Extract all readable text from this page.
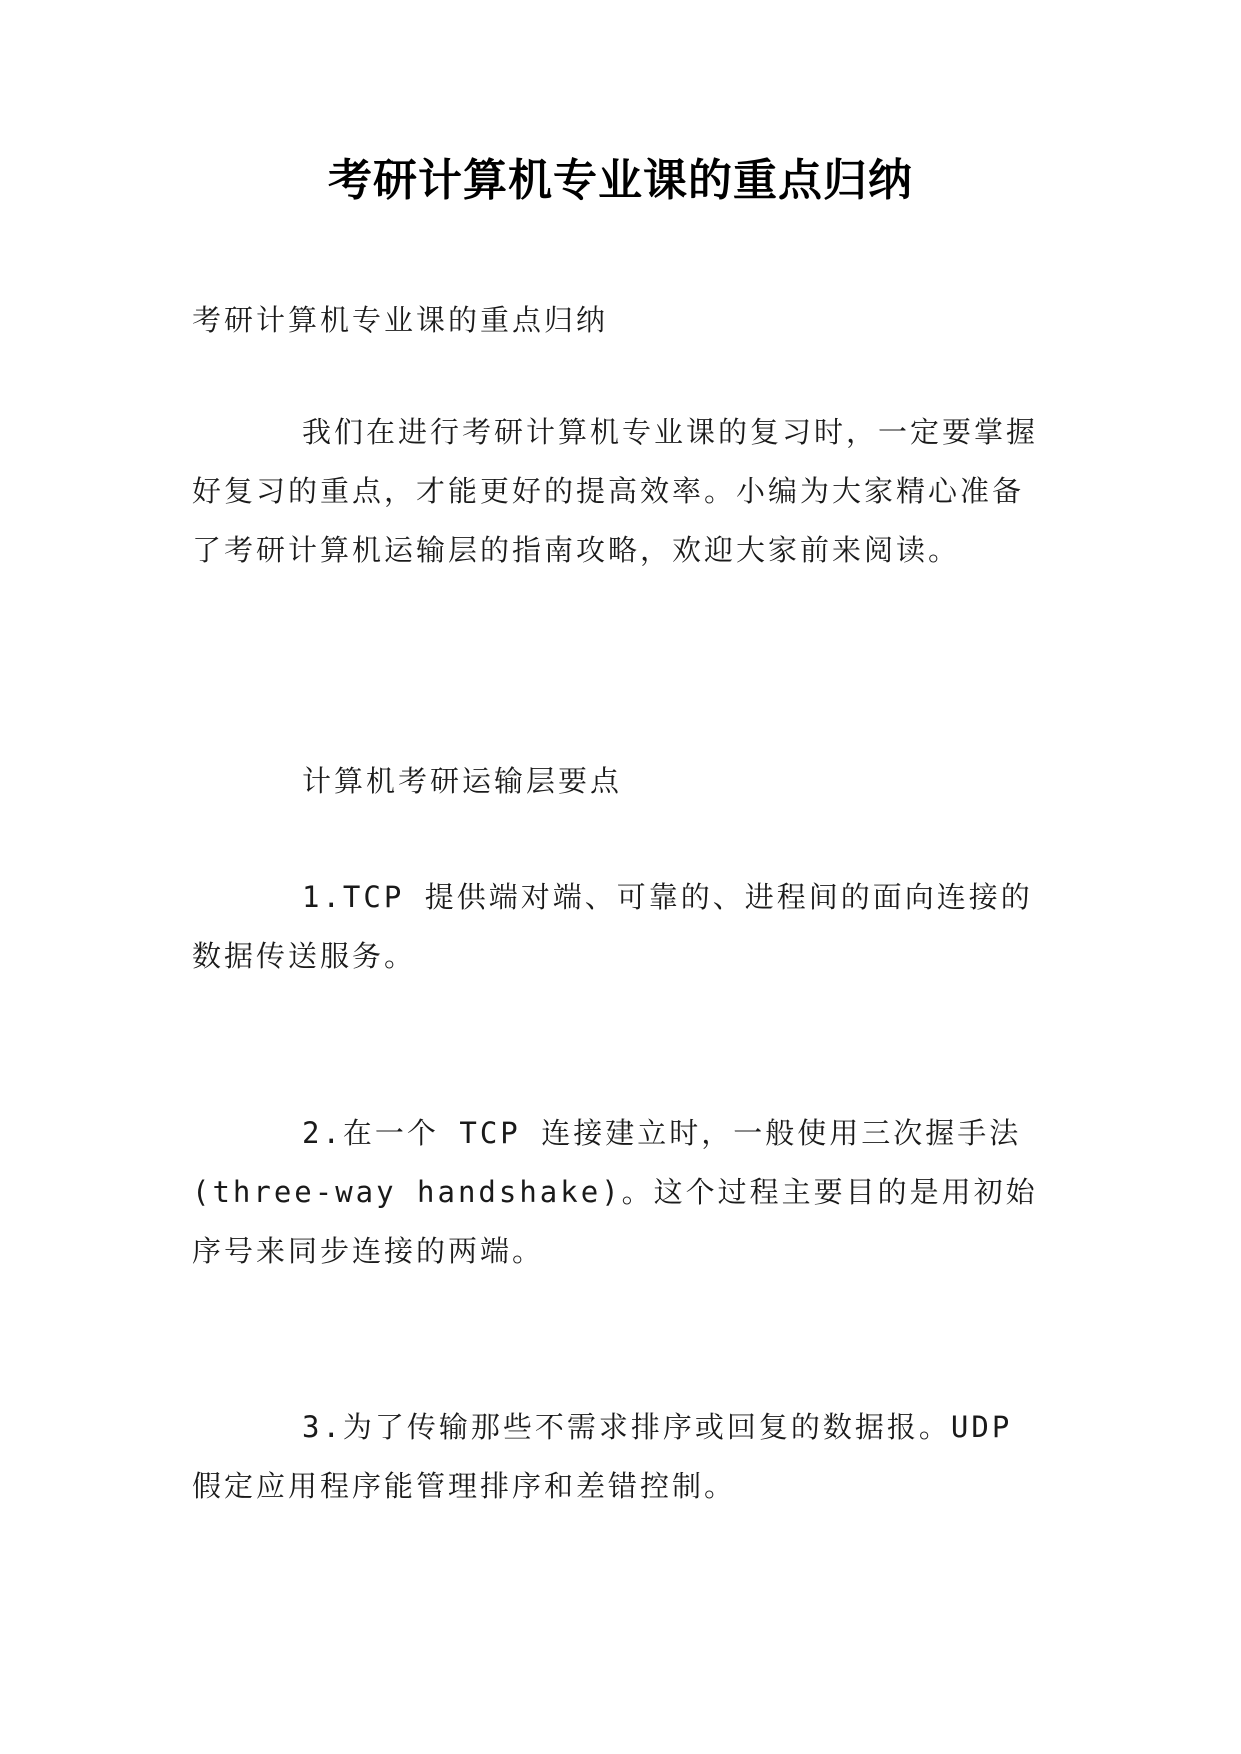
考研计算机专业课的重点归纳

考研计算机专业课的重点归纳

我们在进行考研计算机专业课的复习时，一定要掌握好复习的重点，才能更好的提高效率。小编为大家精心准备了考研计算机运输层的指南攻略，欢迎大家前来阅读。

计算机考研运输层要点

1.TCP 提供端对端、可靠的、进程间的面向连接的数据传送服务。

2.在一个 TCP 连接建立时，一般使用三次握手法(three-way handshake)。这个过程主要目的是用初始序号来同步连接的两端。

3.为了传输那些不需求排序或回复的数据报。UDP 假定应用程序能管理排序和差错控制。
